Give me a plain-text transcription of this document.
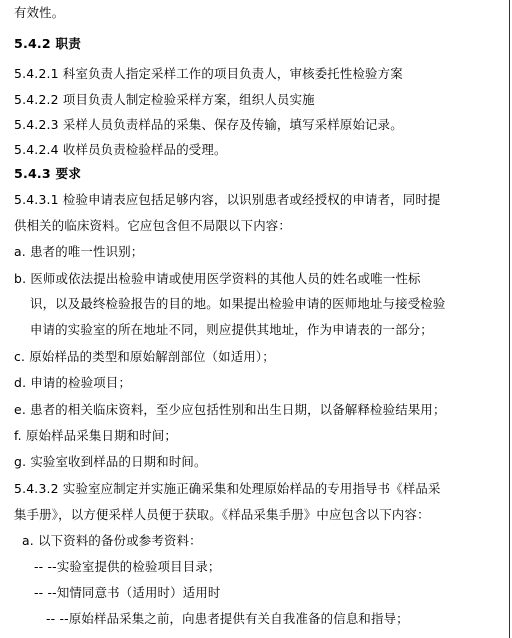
有效性。
5.4.2 职责
5.4.2.1 科室负责人指定采样工作的项目负责人，审核委托性检验方案
5.4.2.2 项目负责人制定检验采样方案，组织人员实施
5.4.2.3 采样人员负责样品的采集、保存及传输，填写采样原始记录。
5.4.2.4 收样员负责检验样品的受理。
5.4.3 要求
5.4.3.1 检验申请表应包括足够内容，以识别患者或经授权的申请者，同时提
供相关的临床资料。它应包含但不局限以下内容：
a. 患者的唯一性识别；
b. 医师或依法提出检验申请或使用医学资料的其他人员的姓名或唯一性标
识，以及最终检验报告的目的地。如果提出检验申请的医师地址与接受检验
申请的实验室的所在地址不同，则应提供其地址，作为申请表的一部分；
c. 原始样品的类型和原始解剖部位（如适用）；
d. 申请的检验项目；
e. 患者的相关临床资料，至少应包括性别和出生日期，以备解释检验结果用；
f. 原始样品采集日期和时间；
g. 实验室收到样品的日期和时间。
5.4.3.2 实验室应制定并实施正确采集和处理原始样品的专用指导书《样品采
集手册》，以方便采样人员便于获取。《样品采集手册》中应包含以下内容：
a. 以下资料的备份或参考资料：
-- --实验室提供的检验项目目录；
-- --知情同意书（适用时）适用时
-- --原始样品采集之前，向患者提供有关自我准备的信息和指导；
